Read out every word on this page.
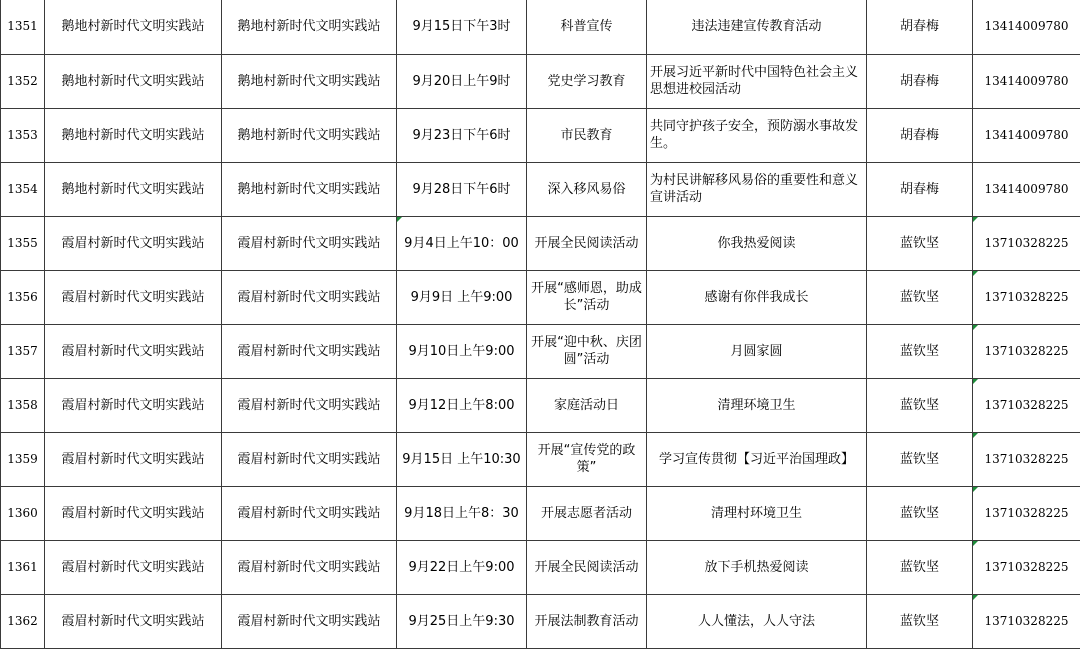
1351	鹅地村新时代文明实践站	鹅地村新时代文明实践站	9月15日下午3时	科普宣传	违法违建宣传教育活动	胡春梅	13414009780
1352	鹅地村新时代文明实践站	鹅地村新时代文明实践站	9月20日上午9时	党史学习教育	开展习近平新时代中国特色社会主义思想进校园活动	胡春梅	13414009780
1353	鹅地村新时代文明实践站	鹅地村新时代文明实践站	9月23日下午6时	市民教育	共同守护孩子安全，预防溺水事故发生。	胡春梅	13414009780
1354	鹅地村新时代文明实践站	鹅地村新时代文明实践站	9月28日下午6时	深入移风易俗	为村民讲解移风易俗的重要性和意义宣讲活动	胡春梅	13414009780
1355	霞眉村新时代文明实践站	霞眉村新时代文明实践站	9月4日上午10：00	开展全民阅读活动	你我热爱阅读	蓝钦坚	13710328225
1356	霞眉村新时代文明实践站	霞眉村新时代文明实践站	9月9日 上午9:00	开展“感师恩，助成长”活动	感谢有你伴我成长	蓝钦坚	13710328225
1357	霞眉村新时代文明实践站	霞眉村新时代文明实践站	9月10日上午9:00	开展“迎中秋、庆团圆”活动	月圆家圆	蓝钦坚	13710328225
1358	霞眉村新时代文明实践站	霞眉村新时代文明实践站	9月12日上午8:00	家庭活动日	清理环境卫生	蓝钦坚	13710328225
1359	霞眉村新时代文明实践站	霞眉村新时代文明实践站	9月15日 上午10:30	开展“宣传党的政策”	学习宣传贯彻【习近平治国理政】	蓝钦坚	13710328225
1360	霞眉村新时代文明实践站	霞眉村新时代文明实践站	9月18日上午8：30	开展志愿者活动	清理村环境卫生	蓝钦坚	13710328225
1361	霞眉村新时代文明实践站	霞眉村新时代文明实践站	9月22日上午9:00	开展全民阅读活动	放下手机热爱阅读	蓝钦坚	13710328225
1362	霞眉村新时代文明实践站	霞眉村新时代文明实践站	9月25日上午9:30	开展法制教育活动	人人懂法，人人守法	蓝钦坚	13710328225
